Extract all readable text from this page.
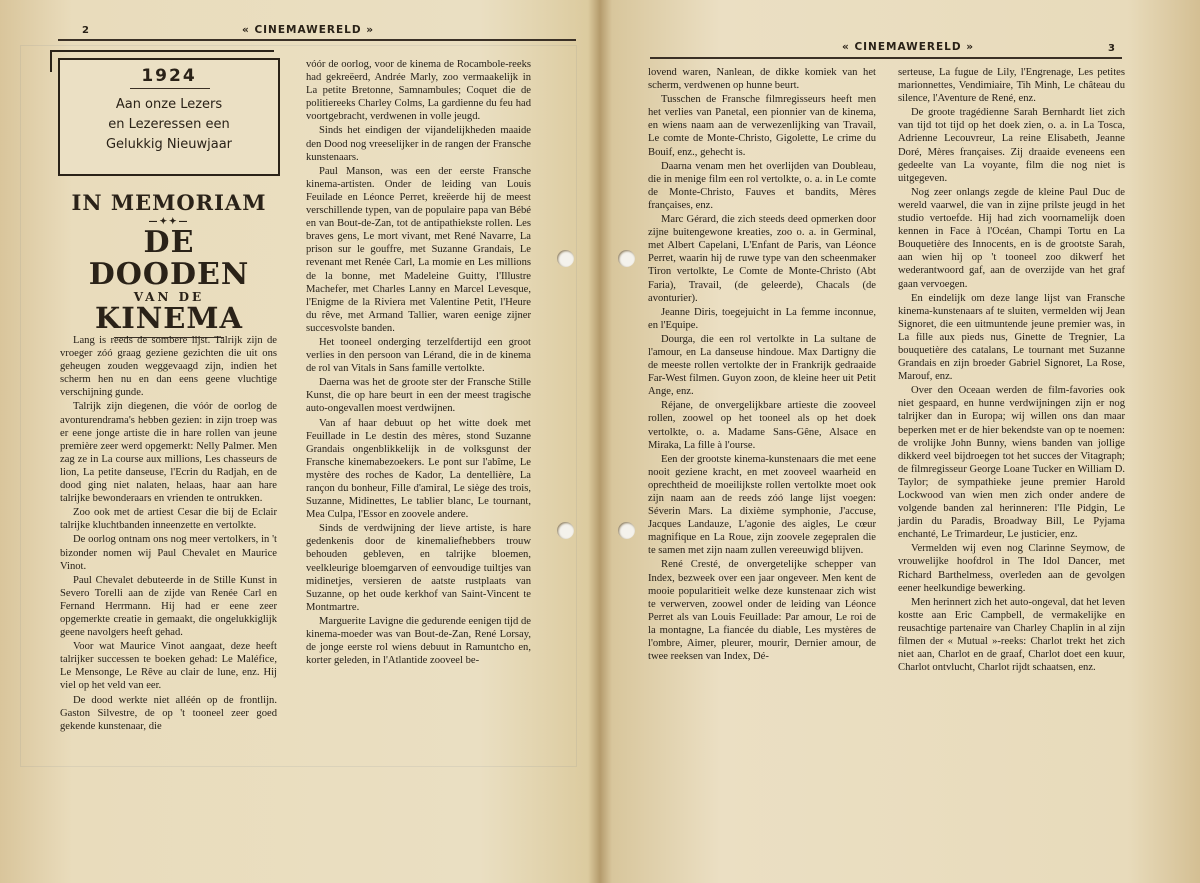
2	« CINEMAWERELD »
1924
Aan onze Lezers
en Lezeressen een
Gelukkig Nieuwjaar
IN MEMORIAM
—✦✦—
DE DOODEN
VAN DE
KINEMA

Lang is reeds de sombere lijst. Talrijk zijn de vroeger zóó graag geziene gezichten die uit ons geheugen zouden weggevaagd zijn, indien het scherm hen nu en dan eens geene vluchtige verschijning gunde.

Talrijk zijn diegenen, die vóór de oorlog de avonturendrama's hebben gezien: in zijn troep was er eene jonge artiste die in hare rollen van jeune première zeer werd opgemerkt: Nelly Palmer. Men zag ze in La course aux millions, Les chasseurs de lion, La petite danseuse, l'Ecrin du Radjah, en de dood ging niet nalaten, helaas, haar aan hare talrijke bewonderaars en vrienden te ontrukken.

Zoo ook met de artiest Cesar die bij de Eclair talrijke kluchtbanden inneenzette en vertolkte.

De oorlog ontnam ons nog meer vertolkers, in 't bizonder nomen wij Paul Chevalet en Maurice Vinot.

Paul Chevalet debuteerde in de Stille Kunst in Severo Torelli aan de zijde van Renée Carl en Fernand Herrmann. Hij had er eene zeer opgemerkte creatie in gemaakt, die ongelukkiglijk geene navolgers heeft gehad.

Voor wat Maurice Vinot aangaat, deze heeft talrijker successen te boeken gehad: Le Maléfice, Le Mensonge, Le Rêve au clair de lune, enz. Hij viel op het veld van eer.

De dood werkte niet alléén op de frontlijn. Gaston Silvestre, de op 't tooneel zeer goed gekende kunstenaar, die

vóór de oorlog, voor de kinema de Rocambole-reeks had gekreëerd, Andrée Marly, zoo vermaakelijk in La petite Bretonne, Samnambules; Coquet die de politiereeks Charley Colms, La gardienne du feu had voortgebracht, verdwenen in volle jeugd.

Sinds het eindigen der vijandelijkheden maaide den Dood nog vreeselijker in de rangen der Fransche kunstenaars.

Paul Manson, was een der eerste Fransche kinema-artisten. Onder de leiding van Louis Feuilade en Léonce Perret, kreëerde hij de meest verschillende typen, van de populaire papa van Bébé en van Bout-de-Zan, tot de antipathiekste rollen. Les braves gens, Le mort vivant, met René Navarre, La prison sur le gouffre, met Suzanne Grandais, Le revenant met Renée Carl, La momie en Les millions de la bonne, met Madeleine Guitty, l'Illustre Machefer, met Charles Lanny en Marcel Levesque, l'Enigme de la Riviera met Valentine Petit, l'Heure du rêve, met Armand Tallier, waren eenige zijner succesvolste banden.

Het tooneel onderging terzelfdertijd een groot verlies in den persoon van Lérand, die in de kinema de rol van Vitals in Sans famille vertolkte.

Daerna was het de groote ster der Fransche Stille Kunst, die op hare beurt in een der meest tragische auto-ongevallen moest verdwijnen.

Van af haar debuut op het witte doek met Feuillade in Le destin des mères, stond Suzanne Grandais ongenblikkelijk in de volksgunst der Fransche kinemabezoekers. Le pont sur l'abîme, Le mystère des roches de Kador, La dentellière, La rançon du bonheur, Fille d'amiral, Le siège des trois, Suzanne, Midinettes, Le tablier blanc, Le tournant, Mea Culpa, l'Essor en zoovele andere.

Sinds de verdwijning der lieve artiste, is hare gedenkenis door de kinemaliefhebbers trouw behouden gebleven, en talrijke bloemen, veelkleurige bloemgarven of eenvoudige tuiltjes van midinetjes, versieren de aatste rustplaats van Suzanne, op het oude kerkhof van Saint-Vincent te Montmartre.

Marguerite Lavigne die gedurende eenigen tijd de kinema-moeder was van Bout-de-Zan, René Lorsay, de jonge eerste rol wiens debuut in Ramuntcho en, korter geleden, in l'Atlantide zooveel be-

« CINEMAWERELD »	3

lovend waren, Nanlean, de dikke komiek van het scherm, verdwenen op hunne beurt.

Tusschen de Fransche filmregisseurs heeft men het verlies van Panetal, een pionnier van de kinema, en wiens naam aan de verwezenlijking van Travail, Le comte de Monte-Christo, Gigolette, Le crime du Bouif, enz., gehecht is.

Daarna venam men het overlijden van Doubleau, die in menige film een rol vertolkte, o. a. in Le comte de Monte-Christo, Fauves et bandits, Mères françaises, enz.

Marc Gérard, die zich steeds deed opmerken door zijne buitengewone kreaties, zoo o. a. in Germinal, met Albert Capelani, L'Enfant de Paris, van Léonce Perret, waarin hij de ruwe type van den scheenmaker Tiron vertolkte, Le Comte de Monte-Christo (Abt Faria), Travail, (de geleerde), Chacals (de avonturier).

Jeanne Diris, toegejuicht in La femme inconnue, en l'Equipe.

Dourga, die een rol vertolkte in La sultane de l'amour, en La danseuse hindoue. Max Dartigny die de meeste rollen vertolkte der in Frankrijk gedraaide Far-West filmen. Guyon zoon, de kleine heer uit Petit Ange, enz.

Réjane, de onvergelijkbare artieste die zooveel rollen, zoowel op het tooneel als op het doek vertolkte, o. a. Madame Sans-Gêne, Alsace en Miraka, La fille à l'ourse.

Een der grootste kinema-kunstenaars die met eene nooit geziene kracht, en met zooveel waarheid en oprechtheid de moeilijkste rollen vertolkte moet ook zijn naam aan de reeds zóó lange lijst voegen: Séverin Mars. La dixième symphonie, J'accuse, Jacques Landauze, L'agonie des aigles, Le cœur magnifique en La Roue, zijn zoovele zegepralen die te samen met zijn naam zullen vereeuwigd blijven.

René Cresté, de onvergetelijke schepper van Index, bezweek over een jaar ongeveer. Men kent de mooie popularitieit welke deze kunstenaar zich wist te verwerven, zoowel onder de leiding van Léonce Perret als van Louis Feuillade: Par amour, Le roi de la montagne, La fiancée du diable, Les mystères de l'ombre, Aimer, pleurer, mourir, Dernier amour, de twee reeksen van Index, Dé-

serteuse, La fugue de Lily, l'Engrenage, Les petites marionnettes, Vendimiaire, Tih Minh, Le château du silence, l'Aventure de René, enz.

De groote tragédienne Sarah Bernhardt liet zich van tijd tot tijd op het doek zien, o. a. in La Tosca, Adrienne Lecouvreur, La reine Elisabeth, Jeanne Doré, Mères françaises. Zij draaide eveneens een gedeelte van La voyante, film die nog niet is uitgegeven.

Nog zeer onlangs zegde de kleine Paul Duc de wereld vaarwel, die van in zijne prilste jeugd in het studio vertoefde. Hij had zich voornamelijk doen kennen in Face à l'Océan, Champi Tortu en La Bouquetière des Innocents, en is de grootste Sarah, aan wien hij op 't tooneel zoo dikwerf het wederantwoord gaf, aan de overzijde van het graf gaan vervoegen.

En eindelijk om deze lange lijst van Fransche kinema-kunstenaars af te sluiten, vermelden wij Jean Signoret, die een uitmuntende jeune premier was, in La fille aux pieds nus, Ginette de Tregnier, La bouquetière des catalans, Le tournant met Suzanne Grandais en zijn broeder Gabriel Signoret, La Rose, Marouf, enz.

Over den Oceaan werden de film-favories ook niet gespaard, en hunne verdwijningen zijn er nog talrijker dan in Europa; wij willen ons dan maar beperken met er de hier bekendste van op te noemen: de vrolijke John Bunny, wiens banden van jollige dikkerd veel bijdroegen tot het succes der Vitagraph; de filmregisseur George Loane Tucker en William D. Taylor; de sympathieke jeune premier Harold Lockwood van wien men zich onder andere de volgende banden zal herinneren: l'Ile Pidgin, Le jardin du Paradis, Broadway Bill, Le Pyjama enchanté, Le Trimardeur, Le justicier, enz.

Vermelden wij even nog Clarinne Seymow, de vrouwelijke hoofdrol in The Idol Dancer, met Richard Barthelmess, overleden aan de gevolgen eener heelkundige bewerking.

Men herinnert zich het auto-ongeval, dat het leven kostte aan Eric Campbell, de vermakelijke en reusachtige partenaire van Charley Chaplin in al zijn filmen der « Mutual »-reeks: Charlot trekt het zich niet aan, Charlot en de graaf, Charlot doet een kuur, Charlot ontvlucht, Charlot rijdt schaatsen, enz.
